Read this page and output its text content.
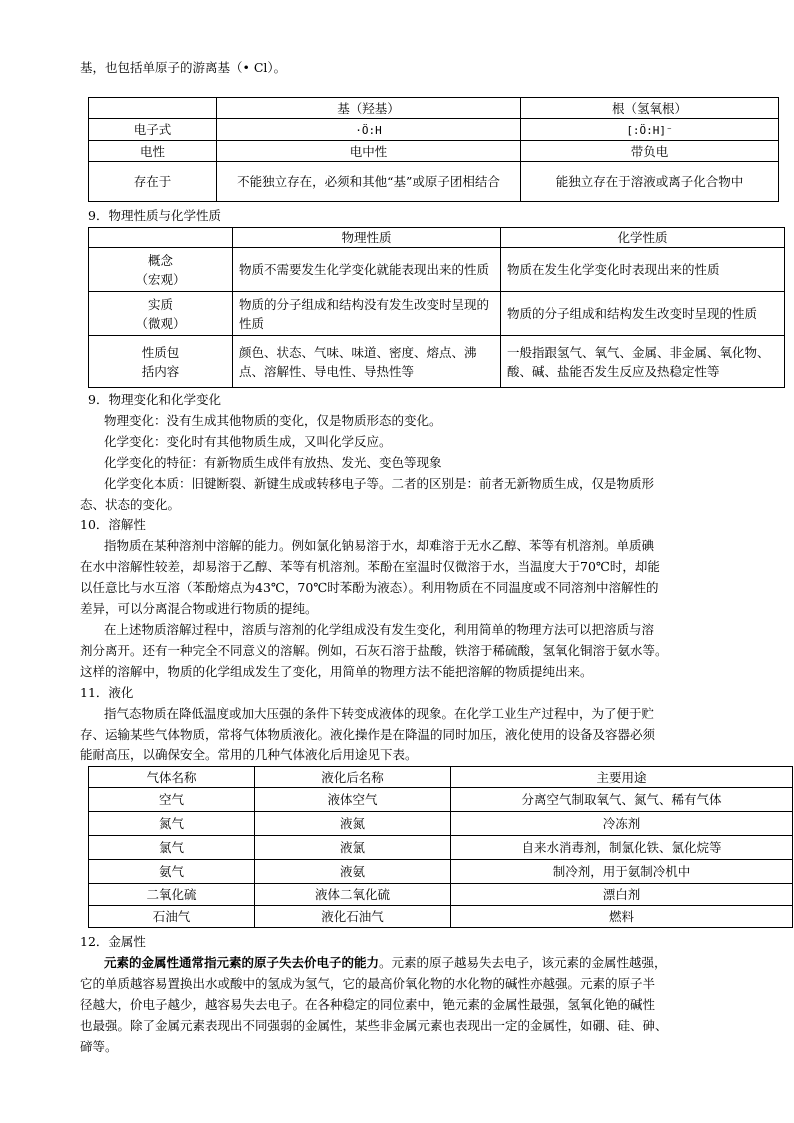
基，也包括单原子的游离基（• Cl）。
	基（羟基）	根（氢氧根）
电子式	·Ö:H	[:Ö:H]⁻
电性	电中性	带负电
存在于	不能独立存在，必须和其他“基”或原子团相结合	能独立存在于溶液或离子化合物中
9．物理性质与化学性质
	物理性质	化学性质

概念
（宏观）	物质不需要发生化学变化就能表现出来的性质	物质在发生化学变化时表现出来的性质

实质
（微观）	物质的分子组成和结构没有发生改变时呈现的性质	物质的分子组成和结构发生改变时呈现的性质

性质包
括内容	颜色、状态、气味、味道、密度、熔点、沸点、溶解性、导电性、导热性等	一般指跟氢气、氧气、金属、非金属、氧化物、酸、碱、盐能否发生反应及热稳定性等
9．物理变化和化学变化
物理变化：没有生成其他物质的变化，仅是物质形态的变化。
化学变化：变化时有其他物质生成，又叫化学反应。
化学变化的特征：有新物质生成伴有放热、发光、变色等现象
化学变化本质：旧键断裂、新键生成或转移电子等。二者的区别是：前者无新物质生成，仅是物质形
态、状态的变化。
10．溶解性
指物质在某种溶剂中溶解的能力。例如氯化钠易溶于水，却难溶于无水乙醇、苯等有机溶剂。单质碘
在水中溶解性较差，却易溶于乙醇、苯等有机溶剂。苯酚在室温时仅微溶于水，当温度大于70℃时，却能
以任意比与水互溶（苯酚熔点为43℃，70℃时苯酚为液态）。利用物质在不同温度或不同溶剂中溶解性的
差异，可以分离混合物或进行物质的提纯。
在上述物质溶解过程中，溶质与溶剂的化学组成没有发生变化，利用简单的物理方法可以把溶质与溶
剂分离开。还有一种完全不同意义的溶解。例如，石灰石溶于盐酸，铁溶于稀硫酸，氢氧化铜溶于氨水等。
这样的溶解中，物质的化学组成发生了变化，用简单的物理方法不能把溶解的物质提纯出来。
11．液化
指气态物质在降低温度或加大压强的条件下转变成液体的现象。在化学工业生产过程中，为了便于贮
存、运输某些气体物质，常将气体物质液化。液化操作是在降温的同时加压，液化使用的设备及容器必须
能耐高压，以确保安全。常用的几种气体液化后用途见下表。
气体名称	液化后名称	主要用途
空气	液体空气	分离空气制取氧气、氮气、稀有气体
氮气	液氮	冷冻剂
氯气	液氯	自来水消毒剂，制氯化铁、氯化烷等
氨气	液氨	制冷剂，用于氨制冷机中
二氧化硫	液体二氧化硫	漂白剂
石油气	液化石油气	燃料
12．金属性
元素的金属性通常指元素的原子失去价电子的能力。元素的原子越易失去电子，该元素的金属性越强，
它的单质越容易置换出水或酸中的氢成为氢气，它的最高价氧化物的水化物的碱性亦越强。元素的原子半
径越大，价电子越少，越容易失去电子。在各种稳定的同位素中，铯元素的金属性最强，氢氧化铯的碱性
也最强。除了金属元素表现出不同强弱的金属性，某些非金属元素也表现出一定的金属性，如硼、硅、砷、
碲等。
